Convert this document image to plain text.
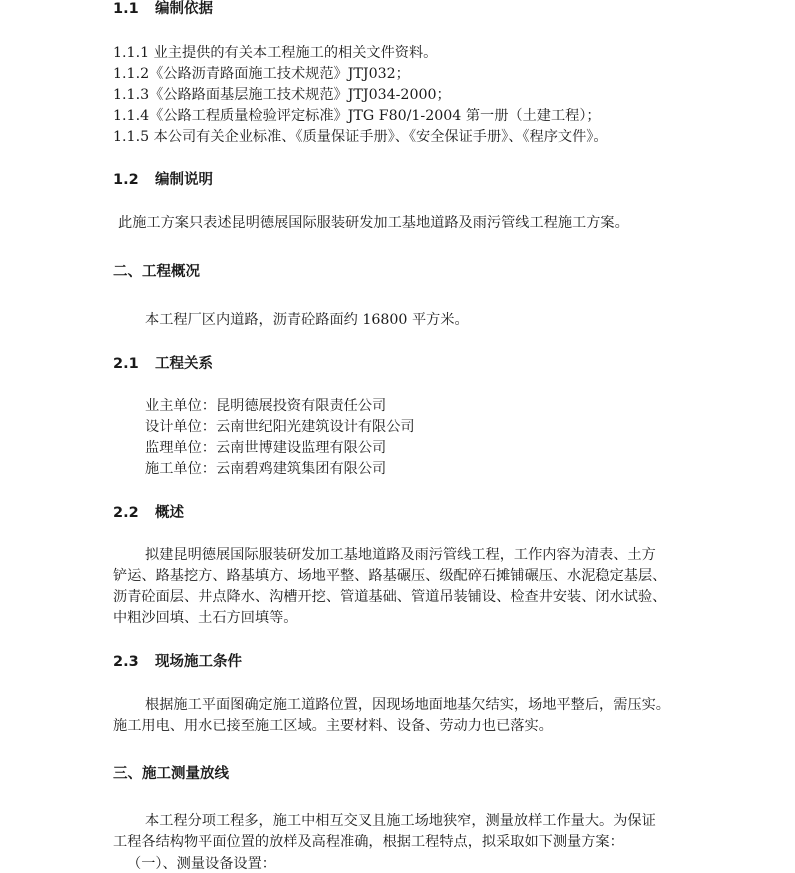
1.1 编制依据
1.1.1 业主提供的有关本工程施工的相关文件资料。
1.1.2《公路沥青路面施工技术规范》JTJ032；
1.1.3《公路路面基层施工技术规范》JTJ034-2000；
1.1.4《公路工程质量检验评定标准》JTG F80/1-2004 第一册（土建工程）；
1.1.5 本公司有关企业标准、《质量保证手册》、《安全保证手册》、《程序文件》。
1.2 编制说明
此施工方案只表述昆明德展国际服装研发加工基地道路及雨污管线工程施工方案。
二、工程概况
本工程厂区内道路，沥青砼路面约 16800 平方米。
2.1 工程关系
业主单位：昆明德展投资有限责任公司
设计单位：云南世纪阳光建筑设计有限公司
监理单位：云南世博建设监理有限公司
施工单位：云南碧鸡建筑集团有限公司
2.2 概述
拟建昆明德展国际服装研发加工基地道路及雨污管线工程，工作内容为清表、土方
铲运、路基挖方、路基填方、场地平整、路基碾压、级配碎石摊铺碾压、水泥稳定基层、
沥青砼面层、井点降水、沟槽开挖、管道基础、管道吊装铺设、检查井安装、闭水试验、
中粗沙回填、土石方回填等。
2.3 现场施工条件
根据施工平面图确定施工道路位置，因现场地面地基欠结实，场地平整后，需压实。
施工用电、用水已接至施工区域。主要材料、设备、劳动力也已落实。
三、施工测量放线
本工程分项工程多，施工中相互交叉且施工场地狭窄，测量放样工作量大。为保证
工程各结构物平面位置的放样及高程准确，根据工程特点，拟采取如下测量方案：
（一）、测量设备设置：
